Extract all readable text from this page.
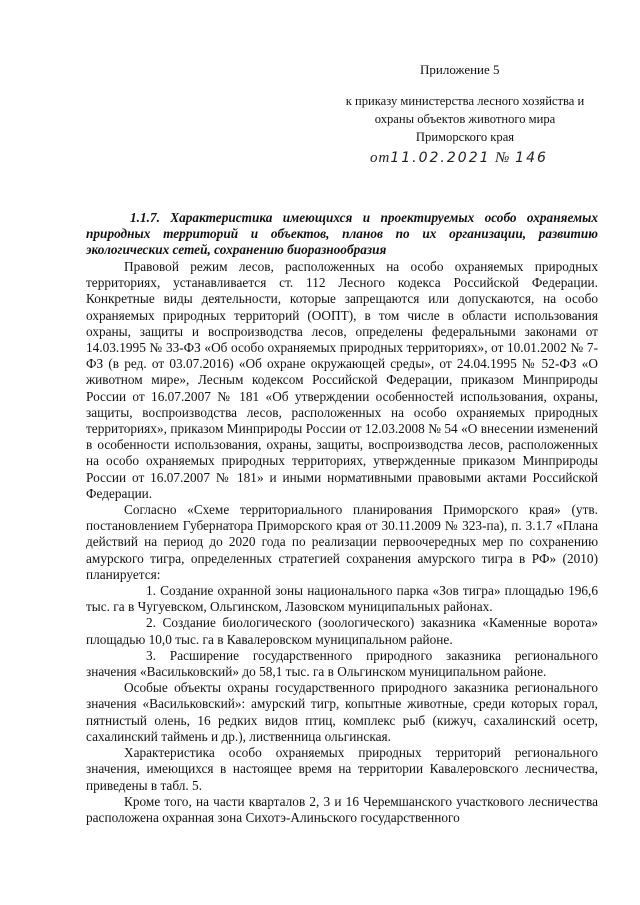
Приложение 5
к приказу министерства лесного хозяйства и
охраны объектов животного мира
Приморского края
от11.02.2021 № 146
1.1.7. Характеристика имеющихся и проектируемых особо охраняемых природных территорий и объектов, планов по их организации, развитию экологических сетей, сохранению биоразнообразия

Правовой режим лесов, расположенных на особо охраняемых природных территориях, устанавливается ст. 112 Лесного кодекса Российской Федерации. Конкретные виды деятельности, которые запрещаются или допускаются, на особо охраняемых природных территорий (ООПТ), в том числе в области использования охраны, защиты и воспроизводства лесов, определены федеральными законами от 14.03.1995 № 33-ФЗ «Об особо охраняемых природных территориях», от 10.01.2002 № 7-ФЗ (в ред. от 03.07.2016) «Об охране окружающей среды», от 24.04.1995 № 52-ФЗ «О животном мире», Лесным кодексом Российской Федерации, приказом Минприроды России от 16.07.2007 № 181 «Об утверждении особенностей использования, охраны, защиты, воспроизводства лесов, расположенных на особо охраняемых природных территориях», приказом Минприроды России от 12.03.2008 № 54 «О внесении изменений в особенности использования, охраны, защиты, воспроизводства лесов, расположенных на особо охраняемых природных территориях, утвержденные приказом Минприроды России от 16.07.2007 № 181» и иными нормативными правовыми актами Российской Федерации.

Согласно «Схеме территориального планирования Приморского края» (утв. постановлением Губернатора Приморского края от 30.11.2009 № 323-па), п. 3.1.7 «Плана действий на период до 2020 года по реализации первоочередных мер по сохранению амурского тигра, определенных стратегией сохранения амурского тигра в РФ» (2010) планируется:

1. Создание охранной зоны национального парка «Зов тигра» площадью 196,6 тыс. га в Чугуевском, Ольгинском, Лазовском муниципальных районах.

2. Создание биологического (зоологического) заказника «Каменные ворота» площадью 10,0 тыс. га в Кавалеровском муниципальном районе.

3. Расширение государственного природного заказника регионального значения «Васильковский» до 58,1 тыс. га в Ольгинском муниципальном районе.

Особые объекты охраны государственного природного заказника регионального значения «Васильковский»: амурский тигр, копытные животные, среди которых горал, пятнистый олень, 16 редких видов птиц, комплекс рыб (кижуч, сахалинский осетр, сахалинский таймень и др.), лиственница ольгинская.

Характеристика особо охраняемых природных территорий регионального значения, имеющихся в настоящее время на территории Кавалеровского лесничества, приведены в табл. 5.

Кроме того, на части кварталов 2, 3 и 16 Черемшанского участкового лесничества расположена охранная зона Сихотэ-Алиньского государственного
